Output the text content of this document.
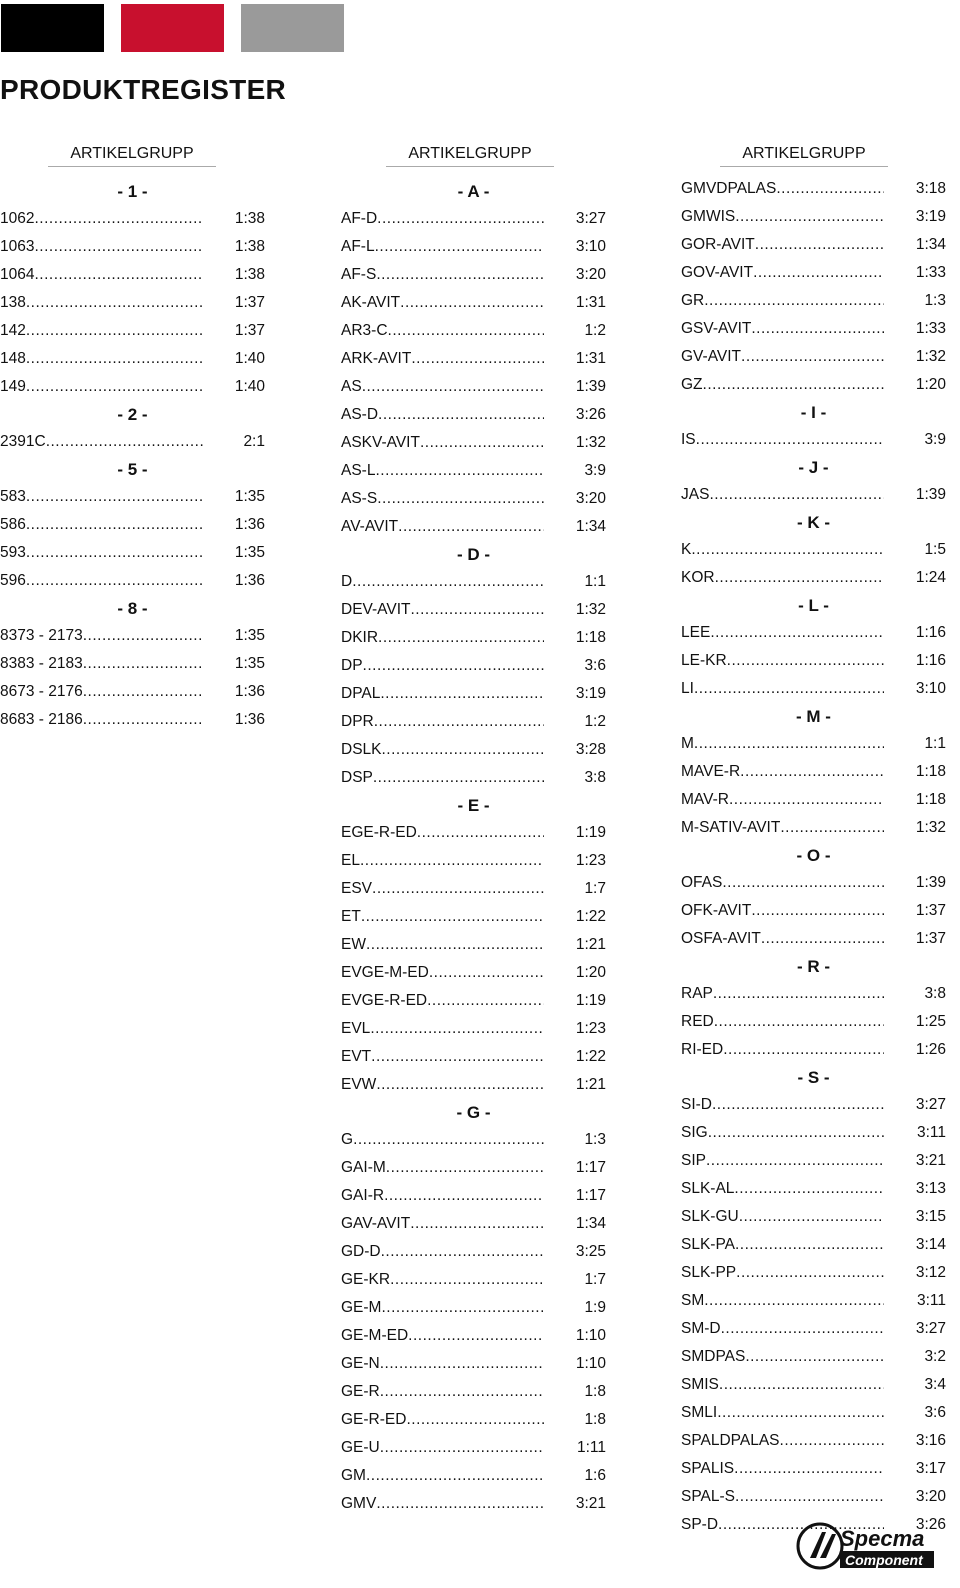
PRODUKTREGISTER
ARTIKELGRUPP
- 1 -
1062 .....	1:38
1063 .....	1:38
1064 .....	1:38
138 .....	1:37
142 .....	1:37
148 .....	1:40
149 .....	1:40
- 2 -
2391C .....	2:1
- 5 -
583 .....	1:35
586 .....	1:36
593 .....	1:35
596 .....	1:36
- 8 -
8373 - 2173 .....	1:35
8383 - 2183 .....	1:35
8673 - 2176 .....	1:36
8683 - 2186 .....	1:36
ARTIKELGRUPP
- A -
AF-D .....	3:27
AF-L .....	3:10
AF-S .....	3:20
AK-AVIT .....	1:31
AR3-C .....	1:2
ARK-AVIT .....	1:31
AS .....	1:39
AS-D .....	3:26
ASKV-AVIT .....	1:32
AS-L .....	3:9
AS-S .....	3:20
AV-AVIT .....	1:34
- D -
D .....	1:1
DEV-AVIT .....	1:32
DKIR .....	1:18
DP .....	3:6
DPAL .....	3:19
DPR .....	1:2
DSLK .....	3:28
DSP .....	3:8
- E -
EGE-R-ED .....	1:19
EL .....	1:23
ESV .....	1:7
ET .....	1:22
EW .....	1:21
EVGE-M-ED .....	1:20
EVGE-R-ED .....	1:19
EVL .....	1:23
EVT .....	1:22
EVW .....	1:21
- G -
G .....	1:3
GAI-M .....	1:17
GAI-R .....	1:17
GAV-AVIT .....	1:34
GD-D .....	3:25
GE-KR .....	1:7
GE-M .....	1:9
GE-M-ED .....	1:10
GE-N .....	1:10
GE-R .....	1:8
GE-R-ED .....	1:8
GE-U .....	1:11
GM .....	1:6
GMV .....	3:21
ARTIKELGRUPP
GMVDPALAS .....	3:18
GMWIS .....	3:19
GOR-AVIT .....	1:34
GOV-AVIT .....	1:33
GR .....	1:3
GSV-AVIT .....	1:33
GV-AVIT .....	1:32
GZ .....	1:20
- I -
IS .....	3:9
- J -
JAS .....	1:39
- K -
K .....	1:5
KOR .....	1:24
- L -
LEE .....	1:16
LE-KR .....	1:16
LI .....	3:10
- M -
M .....	1:1
MAVE-R .....	1:18
MAV-R .....	1:18
M-SATIV-AVIT .....	1:32
- O -
OFAS .....	1:39
OFK-AVIT .....	1:37
OSFA-AVIT .....	1:37
- R -
RAP .....	3:8
RED .....	1:25
RI-ED .....	1:26
- S -
SI-D .....	3:27
SIG .....	3:11
SIP .....	3:21
SLK-AL .....	3:13
SLK-GU .....	3:15
SLK-PA .....	3:14
SLK-PP .....	3:12
SM .....	3:11
SM-D .....	3:27
SMDPAS .....	3:2
SMIS .....	3:4
SMLI .....	3:6
SPALDPALAS .....	3:16
SPALIS .....	3:17
SPAL-S .....	3:20
SP-D .....	3:26
Specma
Component
